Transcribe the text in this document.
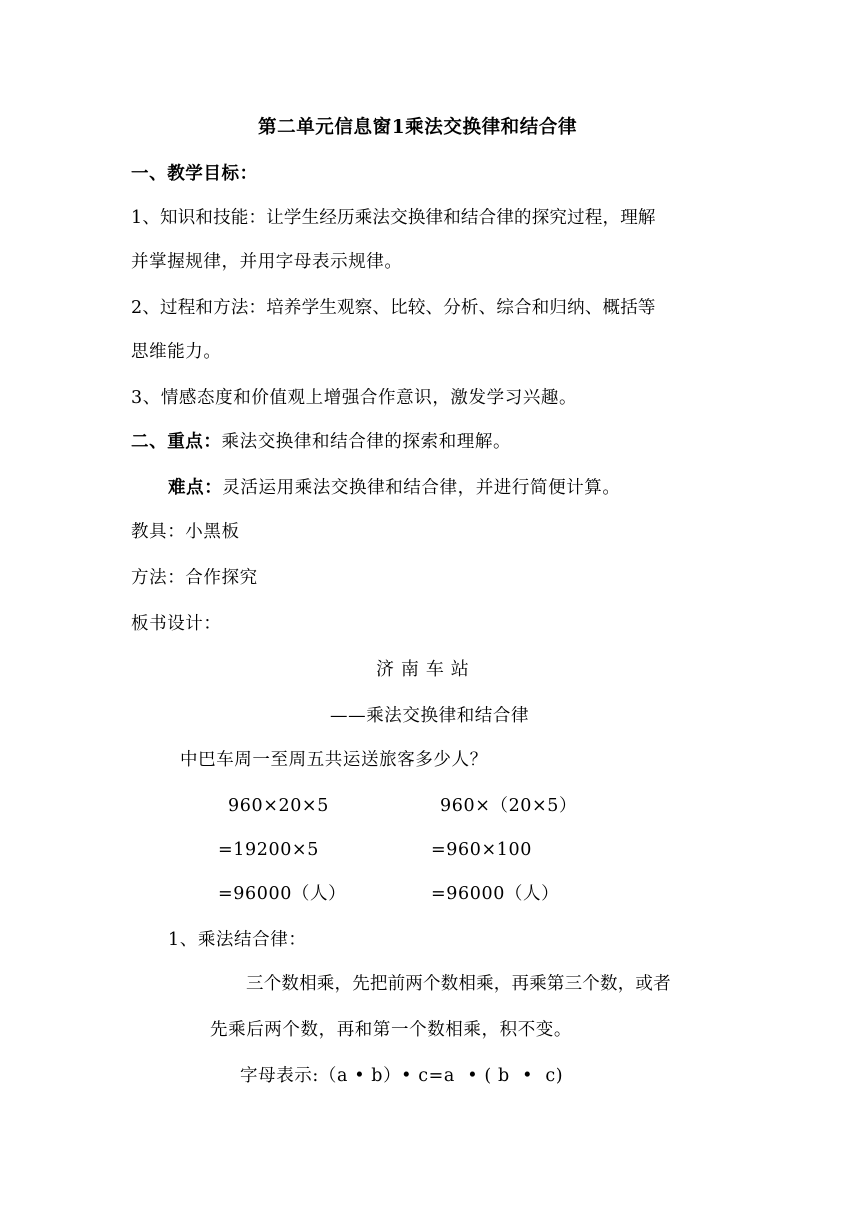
第二单元信息窗1乘法交换律和结合律
一、教学目标：
1、知识和技能：让学生经历乘法交换律和结合律的探究过程，理解
并掌握规律，并用字母表示规律。
2、过程和方法：培养学生观察、比较、分析、综合和归纳、概括等
思维能力。
3、情感态度和价值观上增强合作意识，激发学习兴趣。
二、重点：乘法交换律和结合律的探索和理解。
难点：灵活运用乘法交换律和结合律，并进行简便计算。
教具：小黑板
方法：合作探究
板书设计：
济 南 车 站
——乘法交换律和结合律
中巴车周一至周五共运送旅客多少人？
960×20×5	960×（20×5）
=19200×5	=960×100
=96000（人）	=96000（人）
1、乘法结合律：
三个数相乘，先把前两个数相乘，再乘第三个数，或者
先乘后两个数，再和第一个数相乘，积不变。
字母表示:（a • b）• c=a  • ( b  •  c)
